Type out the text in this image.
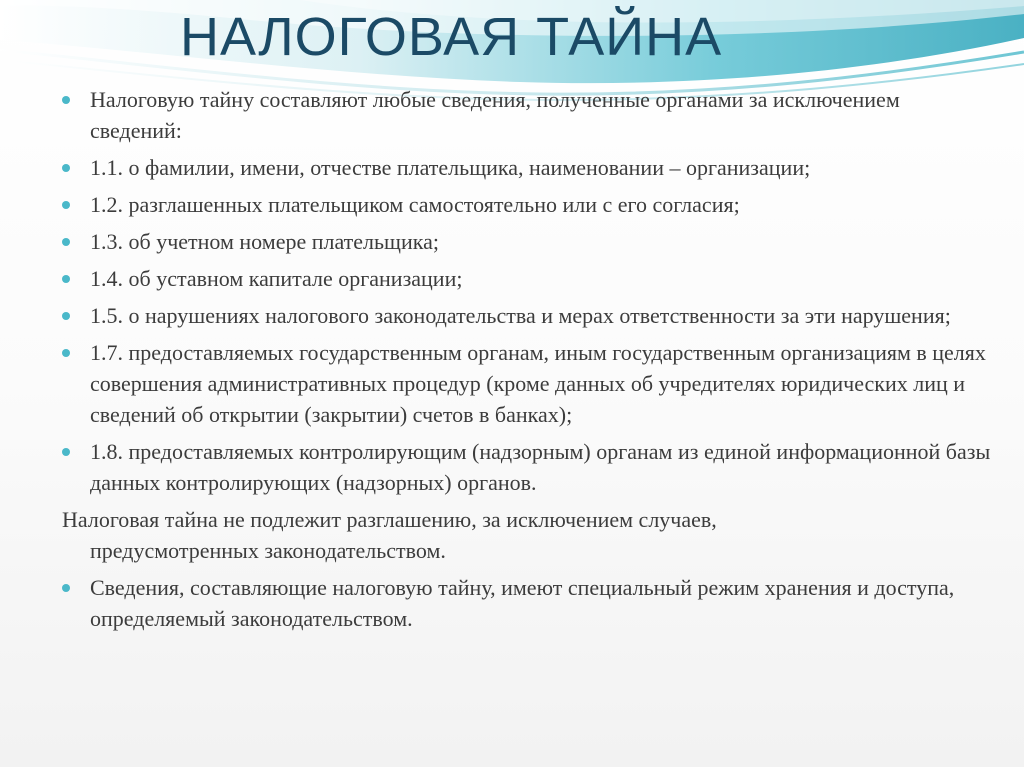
НАЛОГОВАЯ ТАЙНА
Налоговую тайну составляют любые сведения, полученные органами за исключением сведений:
1.1. о фамилии, имени, отчестве плательщика, наименовании – организации;
1.2. разглашенных плательщиком самостоятельно или с его согласия;
1.3. об учетном номере плательщика;
1.4. об уставном капитале организации;
1.5. о нарушениях налогового законодательства и мерах ответственности за эти нарушения;
1.7. предоставляемых государственным органам, иным государственным организациям в целях совершения административных процедур (кроме данных об учредителях юридических лиц и сведений об открытии (закрытии) счетов в банках);
1.8. предоставляемых контролирующим (надзорным) органам из единой информационной базы данных контролирующих (надзорных) органов.
Налоговая тайна не подлежит разглашению, за исключением случаев,
предусмотренных законодательством.
Сведения, составляющие налоговую тайну, имеют специальный режим хранения и доступа, определяемый законодательством.
